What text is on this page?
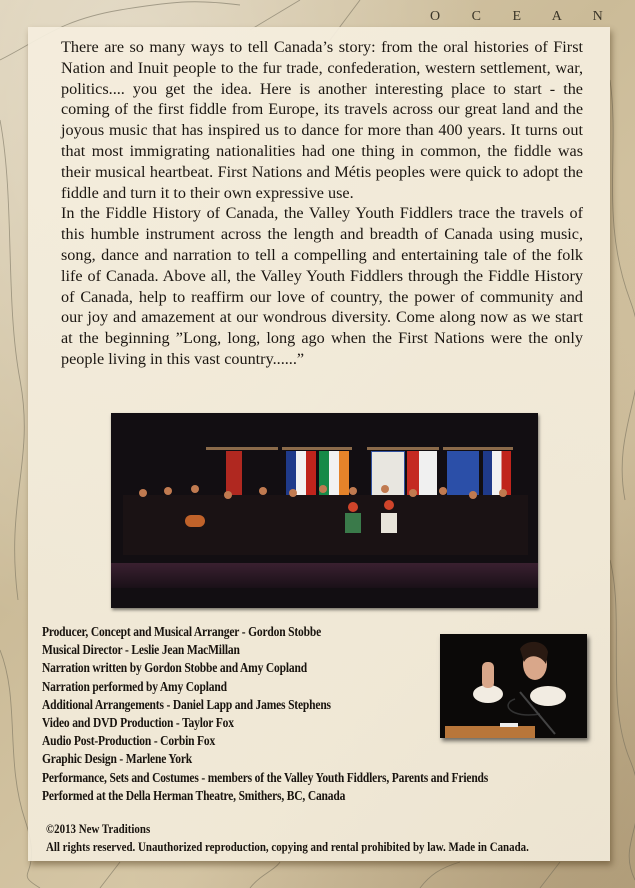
O C E A N

There are so many ways to tell Canada’s story: from the oral histories of First Nation and Inuit people to the fur trade, confederation, western settlement, war, politics.... you get the idea. Here is another interesting place to start - the coming of the first fiddle from Europe, its travels across our great land and the joyous music that has inspired us to dance for more than 400 years. It turns out that most immigrating nationalities had one thing in common, the fiddle was their musical heartbeat. First Nations and Métis peoples were quick to adopt the fiddle and turn it to their own expressive use.

In the Fiddle History of Canada, the Valley Youth Fiddlers trace the travels of this humble instrument across the length and breadth of Canada using music, song, dance and narration to tell a compelling and entertaining tale of the folk life of Canada. Above all, the Valley Youth Fiddlers through the Fiddle History of Canada, help to reaffirm our love of country, the power of community and our joy and amazement at our wondrous diversity. Come along now as we start at the beginning ”Long, long, long ago when the First Nations were the only people living in this vast country......”

Producer, Concept and Musical Arranger - Gordon Stobbe
Musical Director - Leslie Jean MacMillan
Narration written by Gordon Stobbe and Amy Copland
Narration performed by Amy Copland
Additional Arrangements - Daniel Lapp and James Stephens
Video and DVD Production - Taylor Fox
Audio Post-Production - Corbin Fox
Graphic Design - Marlene York
Performance, Sets and Costumes - members of the Valley Youth Fiddlers, Parents and Friends
Performed at the Della Herman Theatre, Smithers, BC, Canada
©2013 New Traditions
All rights reserved. Unauthorized reproduction, copying and rental prohibited by law. Made in Canada.
